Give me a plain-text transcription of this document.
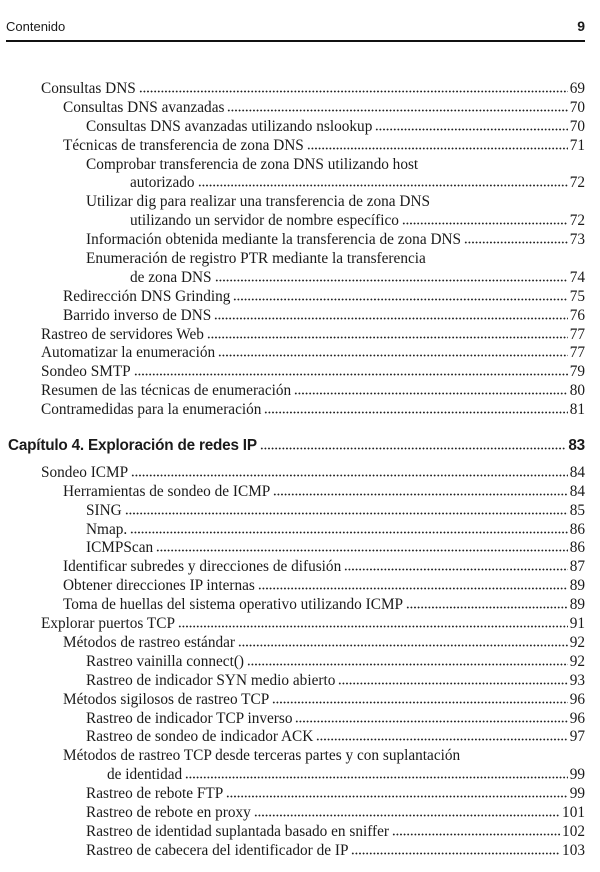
Contenido	9
Consultas DNS	69
Consultas DNS avanzadas	70
Consultas DNS avanzadas utilizando nslookup	70
Técnicas de transferencia de zona DNS	71
Comprobar transferencia de zona DNS utilizando host
autorizado	72
Utilizar dig para realizar una transferencia de zona DNS
utilizando un servidor de nombre específico	72
Información obtenida mediante la transferencia de zona DNS	73
Enumeración de registro PTR mediante la transferencia
de zona DNS	74
Redirección DNS Grinding	75
Barrido inverso de DNS	76
Rastreo de servidores Web	77
Automatizar la enumeración	77
Sondeo SMTP	79
Resumen de las técnicas de enumeración	80
Contramedidas para la enumeración	81
Capítulo 4. Exploración de redes IP	83
Sondeo ICMP	84
Herramientas de sondeo de ICMP	84
SING	85
Nmap.	86
ICMPScan	86
Identificar subredes y direcciones de difusión	87
Obtener direcciones IP internas	89
Toma de huellas del sistema operativo utilizando ICMP	89
Explorar puertos TCP	91
Métodos de rastreo estándar	92
Rastreo vainilla connect()	92
Rastreo de indicador SYN medio abierto	93
Métodos sigilosos de rastreo TCP	96
Rastreo de indicador TCP inverso	96
Rastreo de sondeo de indicador ACK	97
Métodos de rastreo TCP desde terceras partes y con suplantación
de identidad	99
Rastreo de rebote FTP	99
Rastreo de rebote en proxy	101
Rastreo de identidad suplantada basado en sniffer	102
Rastreo de cabecera del identificador de IP	103
